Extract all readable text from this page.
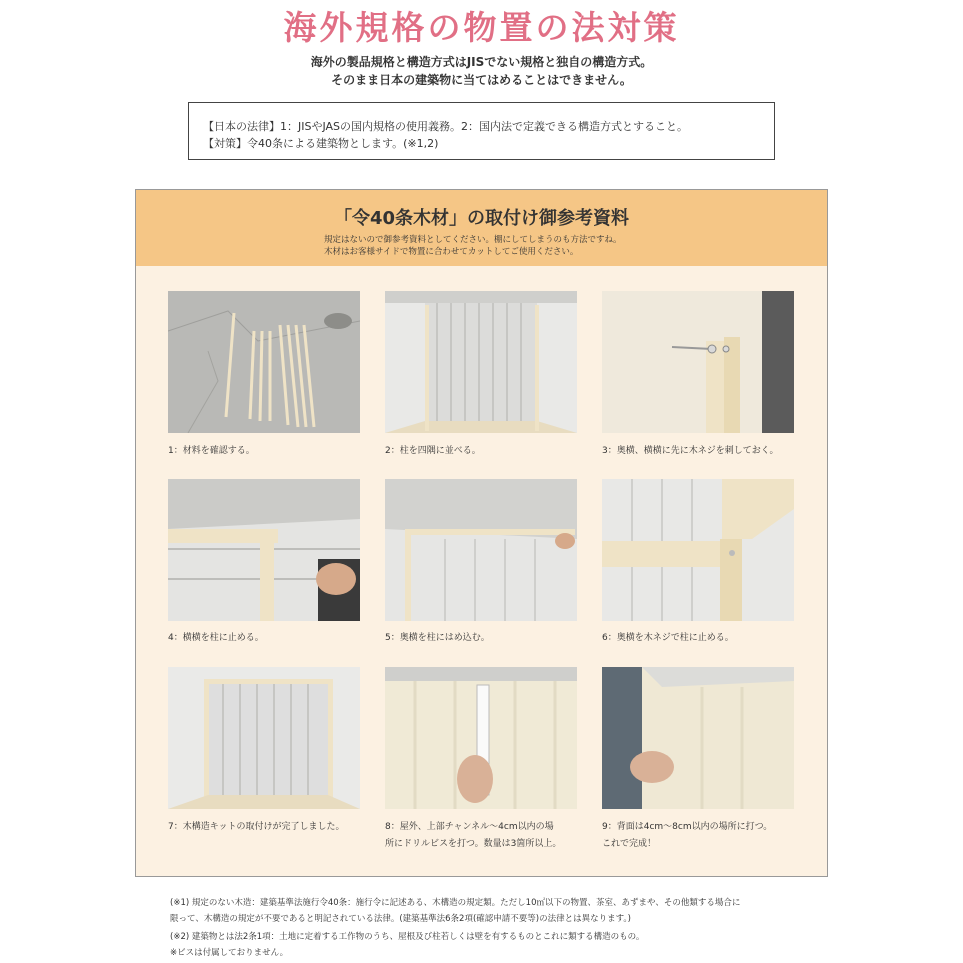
海外規格の物置の法対策
海外の製品規格と構造方式はJISでない規格と独自の構造方式。
そのまま日本の建築物に当てはめることはできません。
【日本の法律】1：JISやJASの国内規格の使用義務。2：国内法で定義できる構造方式とすること。
【対策】令40条による建築物とします。(※1,2)
「令40条木材」の取付け御参考資料
規定はないので御参考資料としてください。棚にしてしまうのも方法ですね。
木材はお客様サイドで物置に合わせてカットしてご使用ください。
1：材料を確認する。	2：柱を四隅に並べる。	3：奥横、横横に先に木ネジを刺しておく。
4：横横を柱に止める。	5：奥横を柱にはめ込む。	6：奥横を木ネジで柱に止める。
7：木構造キットの取付けが完了しました。	8：屋外、上部チャンネル～4cm以内の場
所にドリルビスを打つ。数量は3箇所以上。
9：背面は4cm～8cm以内の場所に打つ。
これで完成！
(※1) 規定のない木造：建築基準法施行令40条：施行令に記述ある、木構造の規定類。ただし10㎡以下の物置、茶室、あずまや、その他類する場合に
限って、木構造の規定が不要であると明記されている法律。(建築基準法6条2項(確認申請不要等)の法律とは異なります。)
(※2) 建築物とは法2条1項：土地に定着する工作物のうち、屋根及び柱若しくは壁を有するものとこれに類する構造のもの。
※ビスは付属しておりません。
